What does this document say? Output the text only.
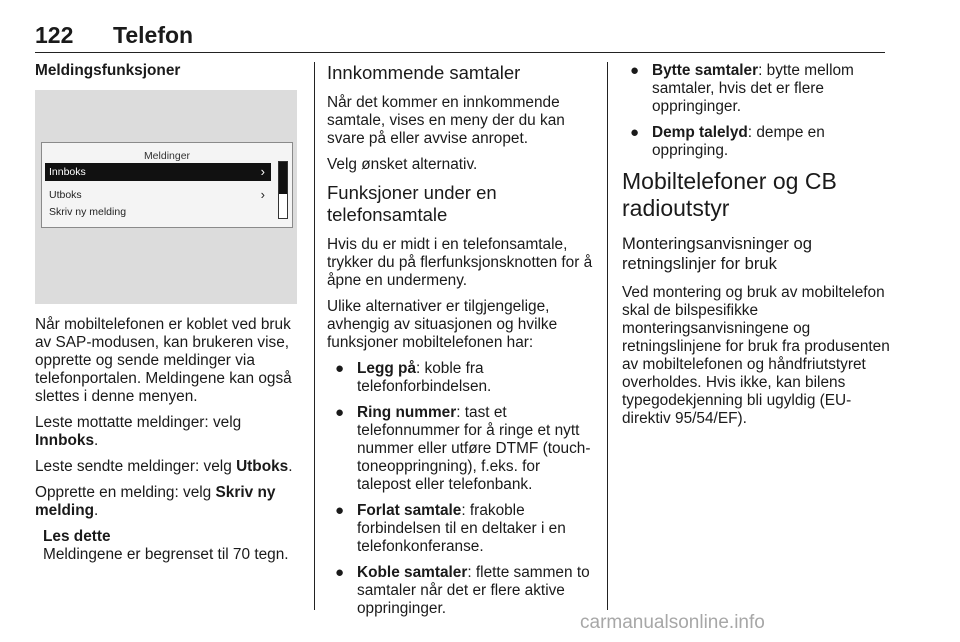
122 Telefon
Meldingsfunksjoner
Meldinger
Innboks	›
Utboks	›
Skriv ny melding

Når mobiltelefonen er koblet ved bruk av SAP-modusen, kan brukeren vise, opprette og sende meldinger via telefonportalen. Meldingene kan også slettes i denne menyen.

Leste mottatte meldinger: velg Innboks.

Leste sendte meldinger: velg Utboks.

Opprette en melding: velg Skriv ny melding.

Les dette
Meldingene er begrenset til 70 tegn.
Innkommende samtaler

Når det kommer en innkommende samtale, vises en meny der du kan svare på eller avvise anropet.

Velg ønsket alternativ.

Funksjoner under en telefonsamtale

Hvis du er midt i en telefonsamtale, trykker du på flerfunksjonsknotten for å åpne en undermeny.

Ulike alternativer er tilgjengelige, avhengig av situasjonen og hvilke funksjoner mobiltelefonen har:

● Legg på: koble fra telefonforbindelsen.
● Ring nummer: tast et telefonnummer for å ringe et nytt nummer eller utføre DTMF (touch-toneoppringning), f.eks. for talepost eller telefonbank.
● Forlat samtale: frakoble forbindelsen til en deltaker i en telefonkonferanse.
● Koble samtaler: flette sammen to samtaler når det er flere aktive oppringinger.
● Bytte samtaler: bytte mellom samtaler, hvis det er flere oppringinger.
● Demp talelyd: dempe en oppringing.
Mobiltelefoner og CB radioutstyr
Monteringsanvisninger og retningslinjer for bruk

Ved montering og bruk av mobiltelefon skal de bilspesifikke monteringsanvisningene og retningslinjene for bruk fra produsenten av mobiltelefonen og håndfriutstyret overholdes. Hvis ikke, kan bilens typegodekjenning bli ugyldig (EU-direktiv 95/54/EF).

carmanualsonline.info
